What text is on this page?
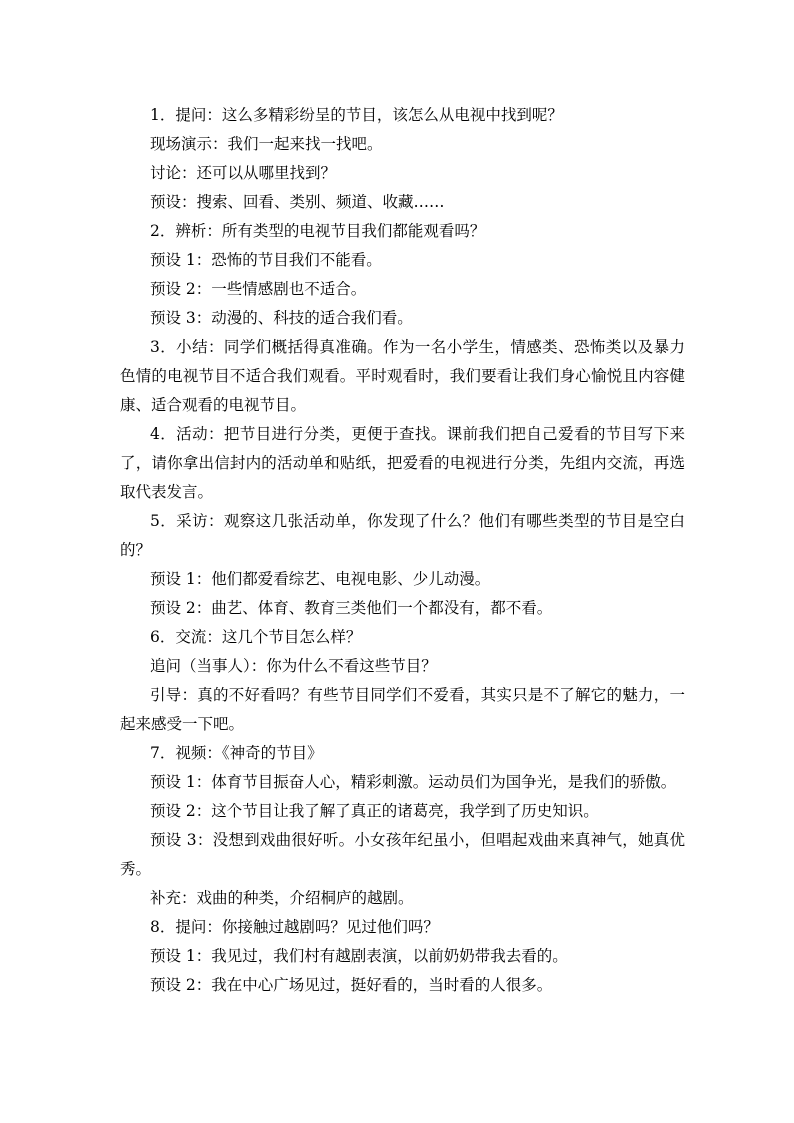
1．提问：这么多精彩纷呈的节目，该怎么从电视中找到呢？

现场演示：我们一起来找一找吧。

讨论：还可以从哪里找到？

预设：搜索、回看、类别、频道、收藏……

2．辨析：所有类型的电视节目我们都能观看吗？

预设 1：恐怖的节目我们不能看。

预设 2：一些情感剧也不适合。

预设 3：动漫的、科技的适合我们看。

3．小结：同学们概括得真准确。作为一名小学生，情感类、恐怖类以及暴力色情的电视节目不适合我们观看。平时观看时，我们要看让我们身心愉悦且内容健康、适合观看的电视节目。

4．活动：把节目进行分类，更便于查找。课前我们把自己爱看的节目写下来了，请你拿出信封内的活动单和贴纸，把爱看的电视进行分类，先组内交流，再选取代表发言。

5．采访：观察这几张活动单，你发现了什么？他们有哪些类型的节目是空白的？

预设 1：他们都爱看综艺、电视电影、少儿动漫。

预设 2：曲艺、体育、教育三类他们一个都没有，都不看。

6．交流：这几个节目怎么样？

追问（当事人）：你为什么不看这些节目？

引导：真的不好看吗？有些节目同学们不爱看，其实只是不了解它的魅力，一起来感受一下吧。

7．视频：《神奇的节目》

预设 1：体育节目振奋人心，精彩刺激。运动员们为国争光，是我们的骄傲。

预设 2：这个节目让我了解了真正的诸葛亮，我学到了历史知识。

预设 3：没想到戏曲很好听。小女孩年纪虽小，但唱起戏曲来真神气，她真优秀。

补充：戏曲的种类，介绍桐庐的越剧。

8．提问：你接触过越剧吗？见过他们吗？

预设 1：我见过，我们村有越剧表演，以前奶奶带我去看的。

预设 2：我在中心广场见过，挺好看的，当时看的人很多。
